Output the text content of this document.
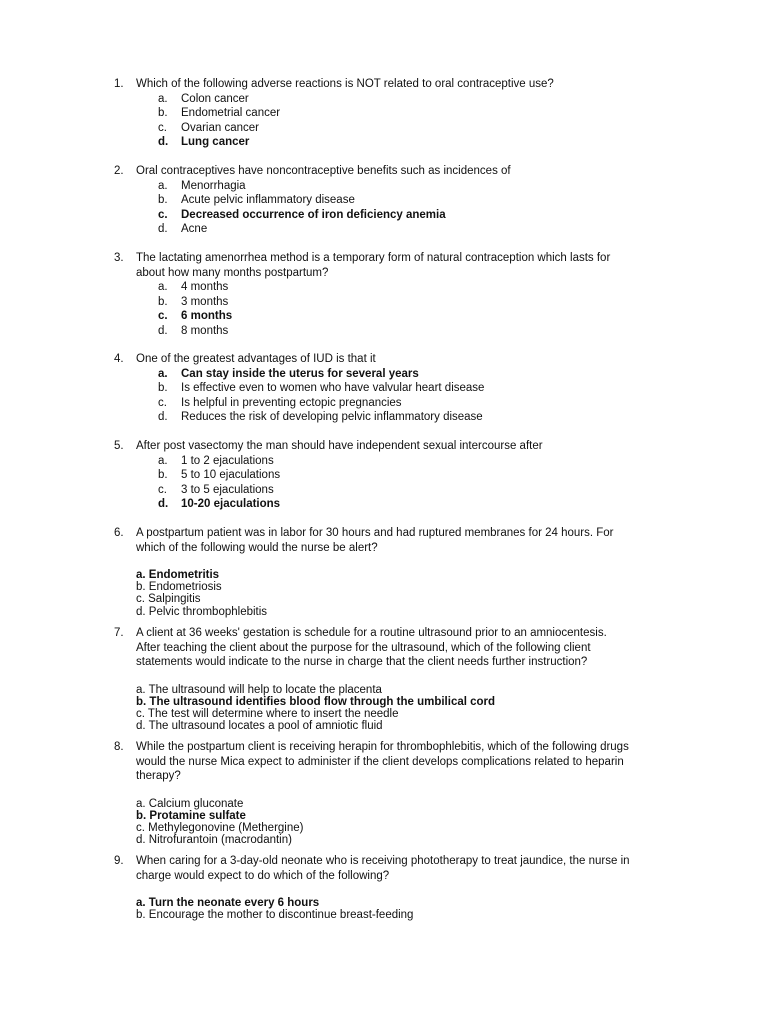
1.	Which of the following adverse reactions is NOT related to oral contraceptive use?
a.	Colon cancer
b.	Endometrial cancer
c.	Ovarian cancer
d.	Lung cancer
2.	Oral contraceptives have noncontraceptive benefits such as incidences of
a.	Menorrhagia
b.	Acute pelvic inflammatory disease
c.	Decreased occurrence of iron deficiency anemia
d.	Acne
3.	The lactating amenorrhea method is a temporary form of natural contraception which lasts for
about how many months postpartum?
a.	4 months
b.	3 months
c.	6 months
d.	8 months
4.	One of the greatest advantages of IUD is that it
a.	Can stay inside the uterus for several years
b.	Is effective even to women who have valvular heart disease
c.	Is helpful in preventing ectopic pregnancies
d.	Reduces the risk of developing pelvic inflammatory disease
5.	After post vasectomy the man should have independent sexual intercourse after
a.	1 to 2 ejaculations
b.	5 to 10 ejaculations
c.	3 to 5 ejaculations
d.	10-20 ejaculations
6.	A postpartum patient was in labor for 30 hours and had ruptured membranes for 24 hours. For
which of the following would the nurse be alert?
a. Endometritis
b. Endometriosis
c. Salpingitis
d. Pelvic thrombophlebitis
7.	A client at 36 weeks' gestation is schedule for a routine ultrasound prior to an amniocentesis.
After teaching the client about the purpose for the ultrasound, which of the following client
statements would indicate to the nurse in charge that the client needs further instruction?
a. The ultrasound will help to locate the placenta
b. The ultrasound identifies blood flow through the umbilical cord
c. The test will determine where to insert the needle
d. The ultrasound locates a pool of amniotic fluid
8.	While the postpartum client is receiving herapin for thrombophlebitis, which of the following drugs
would the nurse Mica expect to administer if the client develops complications related to heparin
therapy?
a. Calcium gluconate
b. Protamine sulfate
c. Methylegonovine (Methergine)
d. Nitrofurantoin (macrodantin)
9.	When caring for a 3-day-old neonate who is receiving phototherapy to treat jaundice, the nurse in
charge would expect to do which of the following?
a. Turn the neonate every 6 hours
b. Encourage the mother to discontinue breast-feeding
